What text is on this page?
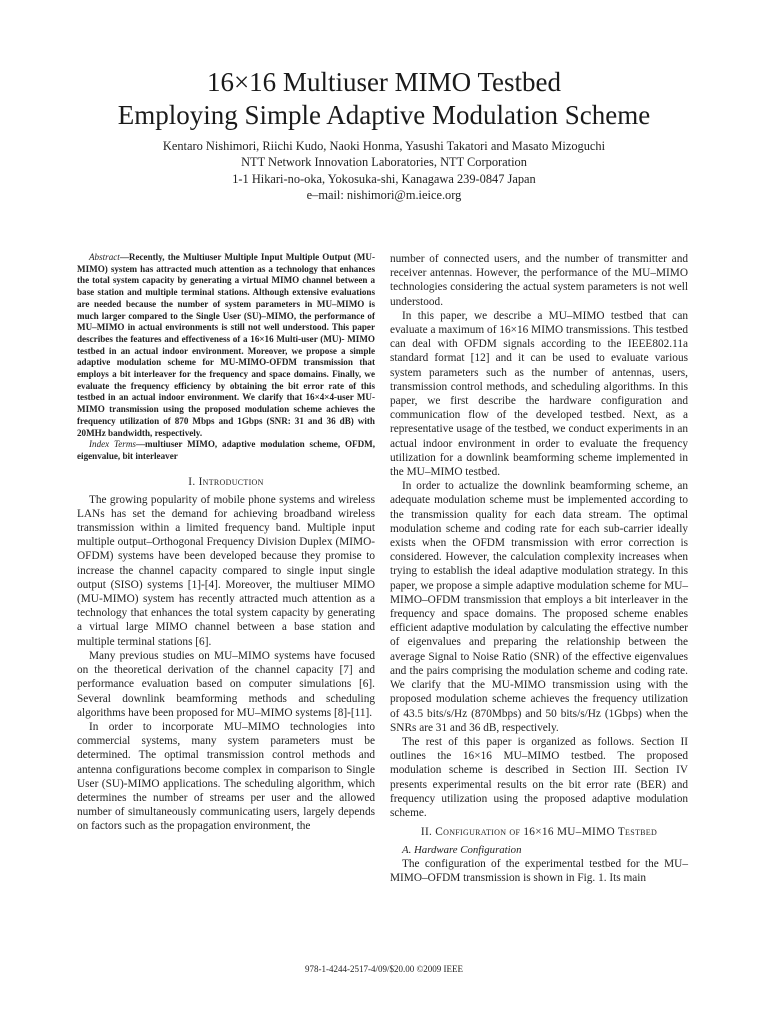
16×16 Multiuser MIMO Testbed
Employing Simple Adaptive Modulation Scheme
Kentaro Nishimori, Riichi Kudo, Naoki Honma, Yasushi Takatori and Masato Mizoguchi
NTT Network Innovation Laboratories, NTT Corporation
1-1 Hikari-no-oka, Yokosuka-shi, Kanagawa 239-0847 Japan
e–mail: nishimori@m.ieice.org

Abstract—Recently, the Multiuser Multiple Input Multiple Output (MU-MIMO) system has attracted much attention as a technology that enhances the total system capacity by generating a virtual MIMO channel between a base station and multiple terminal stations. Although extensive evaluations are needed because the number of system parameters in MU–MIMO is much larger compared to the Single User (SU)–MIMO, the performance of MU–MIMO in actual environments is still not well understood. This paper describes the features and effectiveness of a 16×16 Multi-user (MU)- MIMO testbed in an actual indoor environment. Moreover, we propose a simple adaptive modulation scheme for MU-MIMO-OFDM transmission that employs a bit interleaver for the frequency and space domains. Finally, we evaluate the frequency efficiency by obtaining the bit error rate of this testbed in an actual indoor environment. We clarify that 16×4×4-user MU-MIMO transmission using the proposed modulation scheme achieves the frequency utilization of 870 Mbps and 1Gbps (SNR: 31 and 36 dB) with 20MHz bandwidth, respectively.

Index Terms—multiuser MIMO, adaptive modulation scheme, OFDM, eigenvalue, bit interleaver

I. Introduction

The growing popularity of mobile phone systems and wireless LANs has set the demand for achieving broadband wireless transmission within a limited frequency band. Multiple input multiple output–Orthogonal Frequency Division Duplex (MIMO-OFDM) systems have been developed because they promise to increase the channel capacity compared to single input single output (SISO) systems [1]-[4]. Moreover, the multiuser MIMO (MU-MIMO) system has recently attracted much attention as a technology that enhances the total system capacity by generating a virtual large MIMO channel between a base station and multiple terminal stations [6].

Many previous studies on MU–MIMO systems have focused on the theoretical derivation of the channel capacity [7] and performance evaluation based on computer simulations [6]. Several downlink beamforming methods and scheduling algorithms have been proposed for MU–MIMO systems [8]-[11].

In order to incorporate MU–MIMO technologies into commercial systems, many system parameters must be determined. The optimal transmission control methods and antenna configurations become complex in comparison to Single User (SU)-MIMO applications. The scheduling algorithm, which determines the number of streams per user and the allowed number of simultaneously communicating users, largely depends on factors such as the propagation environment, the

number of connected users, and the number of transmitter and receiver antennas. However, the performance of the MU–MIMO technologies considering the actual system parameters is not well understood.

In this paper, we describe a MU–MIMO testbed that can evaluate a maximum of 16×16 MIMO transmissions. This testbed can deal with OFDM signals according to the IEEE802.11a standard format [12] and it can be used to evaluate various system parameters such as the number of antennas, users, transmission control methods, and scheduling algorithms. In this paper, we first describe the hardware configuration and communication flow of the developed testbed. Next, as a representative usage of the testbed, we conduct experiments in an actual indoor environment in order to evaluate the frequency utilization for a downlink beamforming scheme implemented in the MU–MIMO testbed.

In order to actualize the downlink beamforming scheme, an adequate modulation scheme must be implemented according to the transmission quality for each data stream. The optimal modulation scheme and coding rate for each sub-carrier ideally exists when the OFDM transmission with error correction is considered. However, the calculation complexity increases when trying to establish the ideal adaptive modulation strategy. In this paper, we propose a simple adaptive modulation scheme for MU–MIMO–OFDM transmission that employs a bit interleaver in the frequency and space domains. The proposed scheme enables efficient adaptive modulation by calculating the effective number of eigenvalues and preparing the relationship between the average Signal to Noise Ratio (SNR) of the effective eigenvalues and the pairs comprising the modulation scheme and coding rate. We clarify that the MU-MIMO transmission using with the proposed modulation scheme achieves the frequency utilization of 43.5 bits/s/Hz (870Mbps) and 50 bits/s/Hz (1Gbps) when the SNRs are 31 and 36 dB, respectively.

The rest of this paper is organized as follows. Section II outlines the 16×16 MU–MIMO testbed. The proposed modulation scheme is described in Section III. Section IV presents experimental results on the bit error rate (BER) and frequency utilization using the proposed adaptive modulation scheme.

II. Configuration of 16×16 MU–MIMO Testbed

A. Hardware Configuration

The configuration of the experimental testbed for the MU–MIMO–OFDM transmission is shown in Fig. 1. Its main

978-1-4244-2517-4/09/$20.00 ©2009 IEEE
